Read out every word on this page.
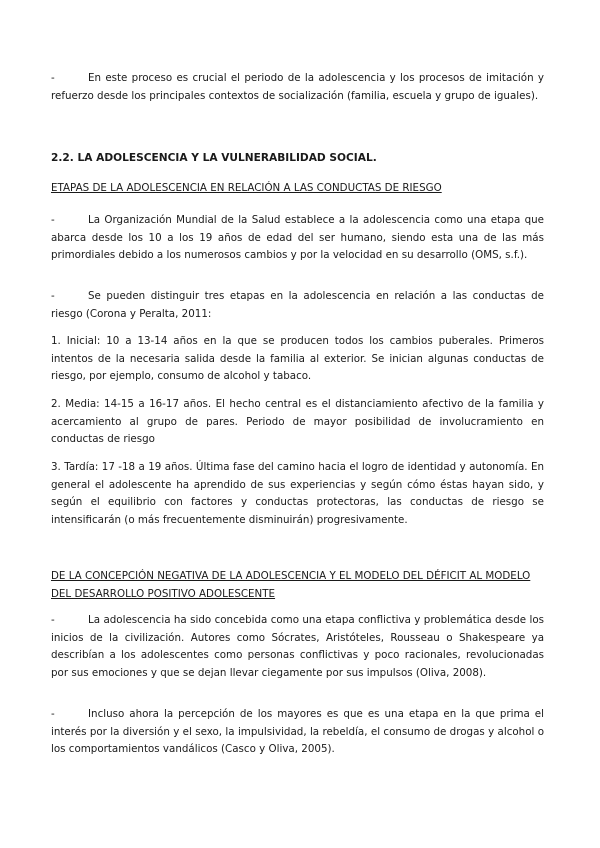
-	En este proceso es crucial el periodo de la adolescencia y los procesos de imitación y refuerzo desde los principales contextos de socialización (familia, escuela y grupo de iguales).

2.2. LA ADOLESCENCIA Y LA VULNERABILIDAD SOCIAL.

ETAPAS DE LA ADOLESCENCIA EN RELACIÓN A LAS CONDUCTAS DE RIESGO

-	La Organización Mundial de la Salud establece a la adolescencia como una etapa que abarca desde los 10 a los 19 años de edad del ser humano, siendo esta una de las más primordiales debido a los numerosos cambios y por la velocidad en su desarrollo (OMS, s.f.).

-	Se pueden distinguir tres etapas en la adolescencia en relación a las conductas de riesgo (Corona y Peralta, 2011:

1. Inicial: 10 a 13-14 años en la que se producen todos los cambios puberales. Primeros intentos de la necesaria salida desde la familia al exterior. Se inician algunas conductas de riesgo, por ejemplo, consumo de alcohol y tabaco.

2. Media: 14-15 a 16-17 años. El hecho central es el distanciamiento afectivo de la familia y acercamiento al grupo de pares. Periodo de mayor posibilidad de involucramiento en conductas de riesgo

3. Tardía: 17 -18 a 19 años. Última fase del camino hacia el logro de identidad y autonomía. En general el adolescente ha aprendido de sus experiencias y según cómo éstas hayan sido, y según el equilibrio con factores y conductas protectoras, las conductas de riesgo se intensificarán (o más frecuentemente disminuirán) progresivamente.

DE LA CONCEPCIÓN NEGATIVA DE LA ADOLESCENCIA Y EL MODELO DEL DÉFICIT AL MODELO DEL DESARROLLO POSITIVO ADOLESCENTE

-	La adolescencia ha sido concebida como una etapa conflictiva y problemática desde los inicios de la civilización. Autores como Sócrates, Aristóteles, Rousseau o Shakespeare ya describían a los adolescentes como personas conflictivas y poco racionales, revolucionadas por sus emociones y que se dejan llevar ciegamente por sus impulsos (Oliva, 2008).

-	Incluso ahora la percepción de los mayores es que es una etapa en la que prima el interés por la diversión y el sexo, la impulsividad, la rebeldía, el consumo de drogas y alcohol o los comportamientos vandálicos (Casco y Oliva, 2005).
